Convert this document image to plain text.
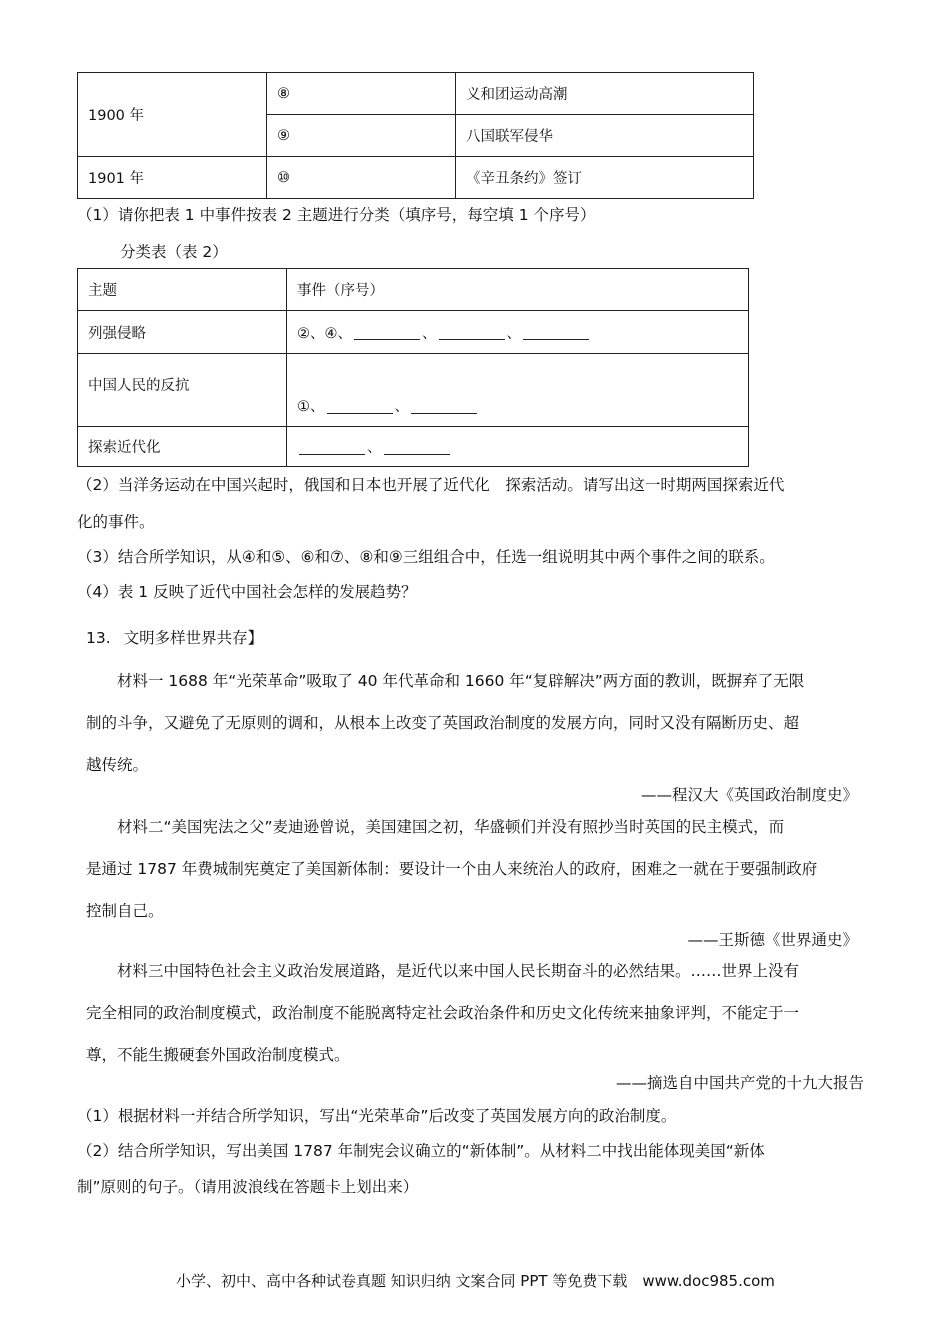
1900 年	⑧	义和团运动高潮
	⑨	八国联军侵华
1901 年	⑩	《辛丑条约》签订
（1）请你把表 1 中事件按表 2 主题进行分类（填序号，每空填 1 个序号）
分类表（表 2）
主题	事件（序号）
列强侵略	②、④、 、 、
中国人民的反抗	①、 、
探索近代化	、
（2）当洋务运动在中国兴起时，俄国和日本也开展了近代化　探索活动。请写出这一时期两国探索近代
化的事件。
（3）结合所学知识，从④和⑤、⑥和⑦、⑧和⑨三组组合中，任选一组说明其中两个事件之间的联系。
（4）表 1 反映了近代中国社会怎样的发展趋势？
13. 文明多样世界共存】
材料一 1688 年“光荣革命”吸取了 40 年代革命和 1660 年“复辟解决”两方面的教训，既摒弃了无限
制的斗争，又避免了无原则的调和，从根本上改变了英国政治制度的发展方向，同时又没有隔断历史、超
越传统。
——程汉大《英国政治制度史》
材料二“美国宪法之父”麦迪逊曾说，美国建国之初，华盛顿们并没有照抄当时英国的民主模式，而
是通过 1787 年费城制宪奠定了美国新体制：要设计一个由人来统治人的政府，困难之一就在于要强制政府
控制自己。
——王斯德《世界通史》
材料三中国特色社会主义政治发展道路，是近代以来中国人民长期奋斗的必然结果。……世界上没有
完全相同的政治制度模式，政治制度不能脱离特定社会政治条件和历史文化传统来抽象评判，不能定于一
尊，不能生搬硬套外国政治制度模式。
——摘选自中国共产党的十九大报告
（1）根据材料一并结合所学知识，写出“光荣革命”后改变了英国发展方向的政治制度。
（2）结合所学知识，写出美国 1787 年制宪会议确立的“新体制”。从材料二中找出能体现美国“新体
制”原则的句子。（请用波浪线在答题卡上划出来）
小学、初中、高中各种试卷真题 知识归纳 文案合同 PPT 等免费下载　www.doc985.com
